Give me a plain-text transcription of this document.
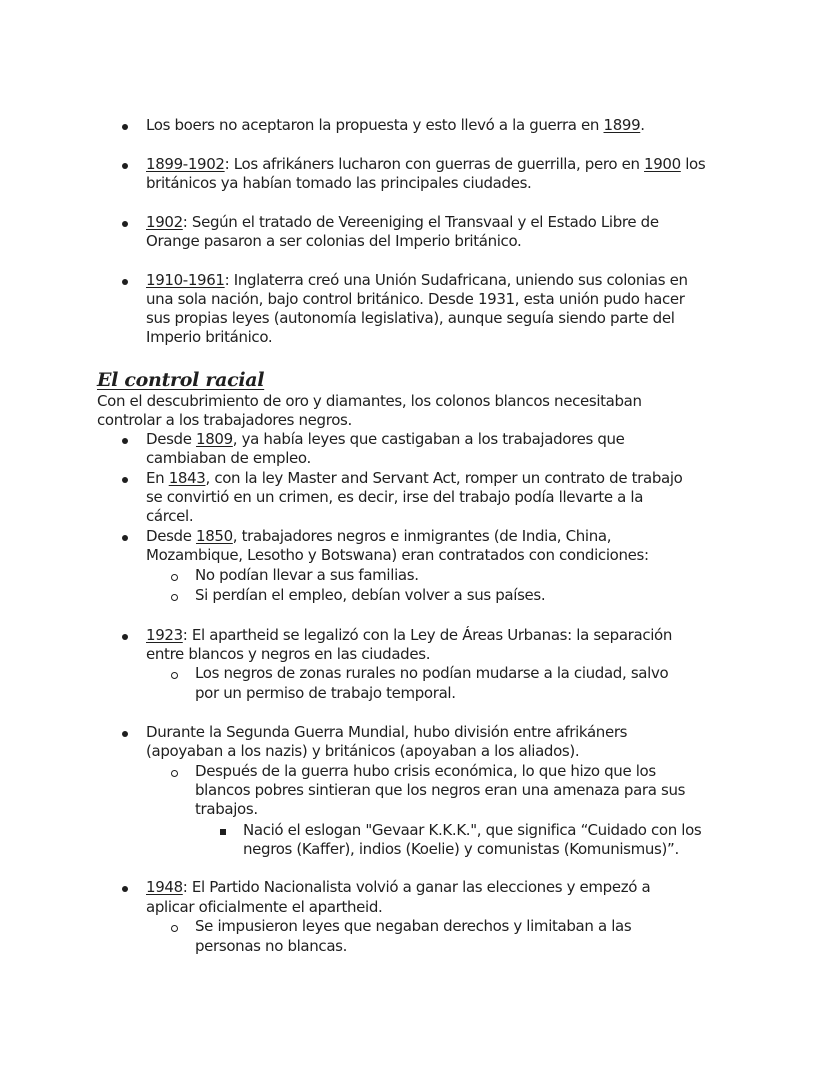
Los boers no aceptaron la propuesta y esto llevó a la guerra en 1899.
1899-1902: Los afrikáners lucharon con guerras de guerrilla, pero en 1900 los
británicos ya habían tomado las principales ciudades.
1902: Según el tratado de Vereeniging el Transvaal y el Estado Libre de
Orange pasaron a ser colonias del Imperio británico.
1910-1961: Inglaterra creó una Unión Sudafricana, uniendo sus colonias en
una sola nación, bajo control británico. Desde 1931, esta unión pudo hacer
sus propias leyes (autonomía legislativa), aunque seguía siendo parte del
Imperio británico.
El control racial
Con el descubrimiento de oro y diamantes, los colonos blancos necesitaban
controlar a los trabajadores negros.
Desde 1809, ya había leyes que castigaban a los trabajadores que
cambiaban de empleo.
En 1843, con la ley Master and Servant Act, romper un contrato de trabajo
se convirtió en un crimen, es decir, irse del trabajo podía llevarte a la
cárcel.
Desde 1850, trabajadores negros e inmigrantes (de India, China,
Mozambique, Lesotho y Botswana) eran contratados con condiciones:
No podían llevar a sus familias.
Si perdían el empleo, debían volver a sus países.
1923: El apartheid se legalizó con la Ley de Áreas Urbanas: la separación
entre blancos y negros en las ciudades.
Los negros de zonas rurales no podían mudarse a la ciudad, salvo
por un permiso de trabajo temporal.
Durante la Segunda Guerra Mundial, hubo división entre afrikáners
(apoyaban a los nazis) y británicos (apoyaban a los aliados).
Después de la guerra hubo crisis económica, lo que hizo que los
blancos pobres sintieran que los negros eran una amenaza para sus
trabajos.
Nació el eslogan "Gevaar K.K.K.", que significa “Cuidado con los
negros (Kaffer), indios (Koelie) y comunistas (Komunismus)”.
1948: El Partido Nacionalista volvió a ganar las elecciones y empezó a
aplicar oficialmente el apartheid.
Se impusieron leyes que negaban derechos y limitaban a las
personas no blancas.
